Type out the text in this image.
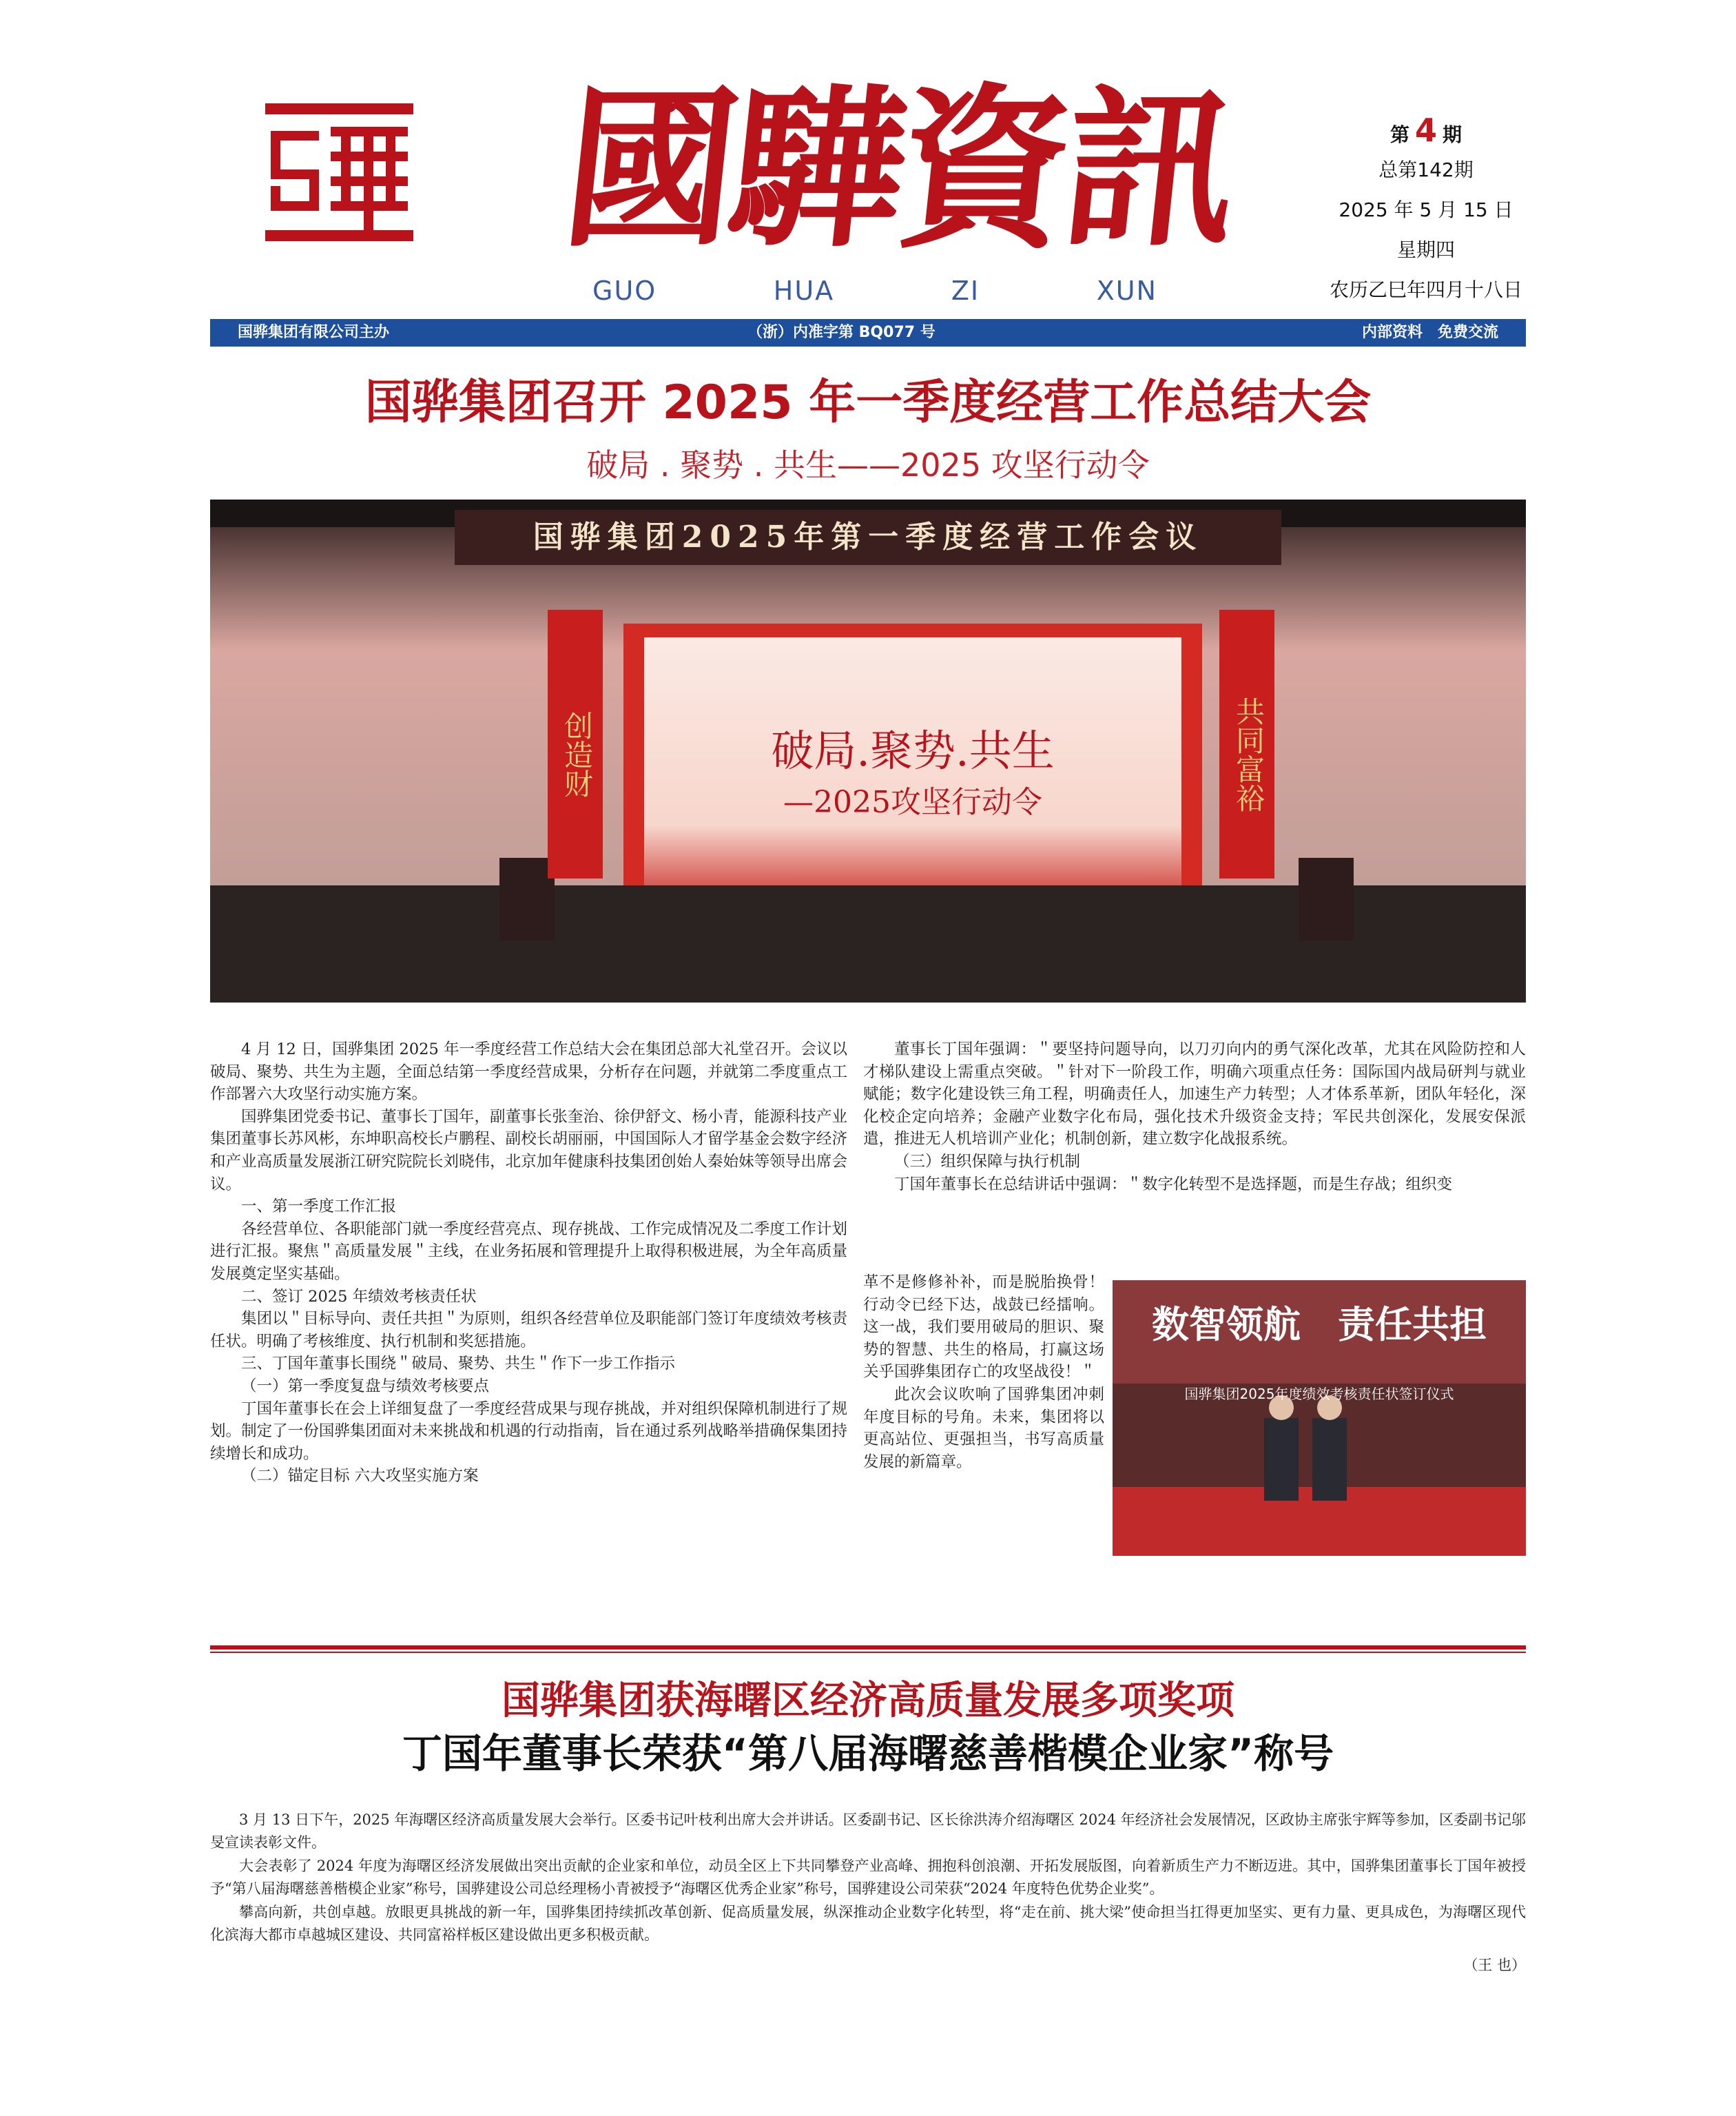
國驊資訊
GUO	HUA	ZI	XUN
第 4 期
总第142期
2025 年 5 月 15 日
星期四
农历乙巳年四月十八日
国骅集团有限公司主办	（浙）内准字第 BQ077 号	内部资料　免费交流
国骅集团召开 2025 年一季度经营工作总结大会
破局 . 聚势 . 共生——2025 攻坚行动令
国骅集团2025年第一季度经营工作会议
破局.聚势.共生
—2025攻坚行动令
创造财	共同富裕

4 月 12 日，国骅集团 2025 年一季度经营工作总结大会在集团总部大礼堂召开。会议以破局、聚势、共生为主题，全面总结第一季度经营成果，分析存在问题，并就第二季度重点工作部署六大攻坚行动实施方案。

国骅集团党委书记、董事长丁国年，副董事长张奎治、徐伊舒文、杨小青，能源科技产业集团董事长苏风彬，东坤职高校长卢鹏程、副校长胡丽丽，中国国际人才留学基金会数字经济和产业高质量发展浙江研究院院长刘晓伟，北京加年健康科技集团创始人秦始妹等领导出席会议。

一、第一季度工作汇报

各经营单位、各职能部门就一季度经营亮点、现存挑战、工作完成情况及二季度工作计划进行汇报。聚焦＂高质量发展＂主线，在业务拓展和管理提升上取得积极进展，为全年高质量发展奠定坚实基础。

二、签订 2025 年绩效考核责任状

集团以＂目标导向、责任共担＂为原则，组织各经营单位及职能部门签订年度绩效考核责任状。明确了考核维度、执行机制和奖惩措施。

三、丁国年董事长围绕＂破局、聚势、共生＂作下一步工作指示

（一）第一季度复盘与绩效考核要点

丁国年董事长在会上详细复盘了一季度经营成果与现存挑战，并对组织保障机制进行了规划。制定了一份国骅集团面对未来挑战和机遇的行动指南，旨在通过系列战略举措确保集团持续增长和成功。

（二）锚定目标 六大攻坚实施方案

董事长丁国年强调：＂要坚持问题导向，以刀刃向内的勇气深化改革，尤其在风险防控和人才梯队建设上需重点突破。＂针对下一阶段工作，明确六项重点任务：国际国内战局研判与就业赋能；数字化建设铁三角工程，明确责任人，加速生产力转型；人才体系革新，团队年轻化，深化校企定向培养；金融产业数字化布局，强化技术升级资金支持；军民共创深化，发展安保派遣，推进无人机培训产业化；机制创新，建立数字化战报系统。

（三）组织保障与执行机制

丁国年董事长在总结讲话中强调：＂数字化转型不是选择题，而是生存战；组织变

革不是修修补补，而是脱胎换骨！行动令已经下达，战鼓已经擂响。这一战，我们要用破局的胆识、聚势的智慧、共生的格局，打赢这场关乎国骅集团存亡的攻坚战役！＂

此次会议吹响了国骅集团冲刺年度目标的号角。未来，集团将以更高站位、更强担当，书写高质量发展的新篇章。

数智领航　责任共担
国骅集团2025年度绩效考核责任状签订仪式
国骅集团获海曙区经济高质量发展多项奖项
丁国年董事长荣获“第八届海曙慈善楷模企业家”称号

3 月 13 日下午，2025 年海曙区经济高质量发展大会举行。区委书记叶枝利出席大会并讲话。区委副书记、区长徐洪涛介绍海曙区 2024 年经济社会发展情况，区政协主席张宇辉等参加，区委副书记邬旻宣读表彰文件。

大会表彰了 2024 年度为海曙区经济发展做出突出贡献的企业家和单位，动员全区上下共同攀登产业高峰、拥抱科创浪潮、开拓发展版图，向着新质生产力不断迈进。其中，国骅集团董事长丁国年被授予“第八届海曙慈善楷模企业家”称号，国骅建设公司总经理杨小青被授予“海曙区优秀企业家”称号，国骅建设公司荣获“2024 年度特色优势企业奖”。

攀高向新，共创卓越。放眼更具挑战的新一年，国骅集团持续抓改革创新、促高质量发展，纵深推动企业数字化转型，将“走在前、挑大梁”使命担当扛得更加坚实、更有力量、更具成色，为海曙区现代化滨海大都市卓越城区建设、共同富裕样板区建设做出更多积极贡献。

（王 也）
